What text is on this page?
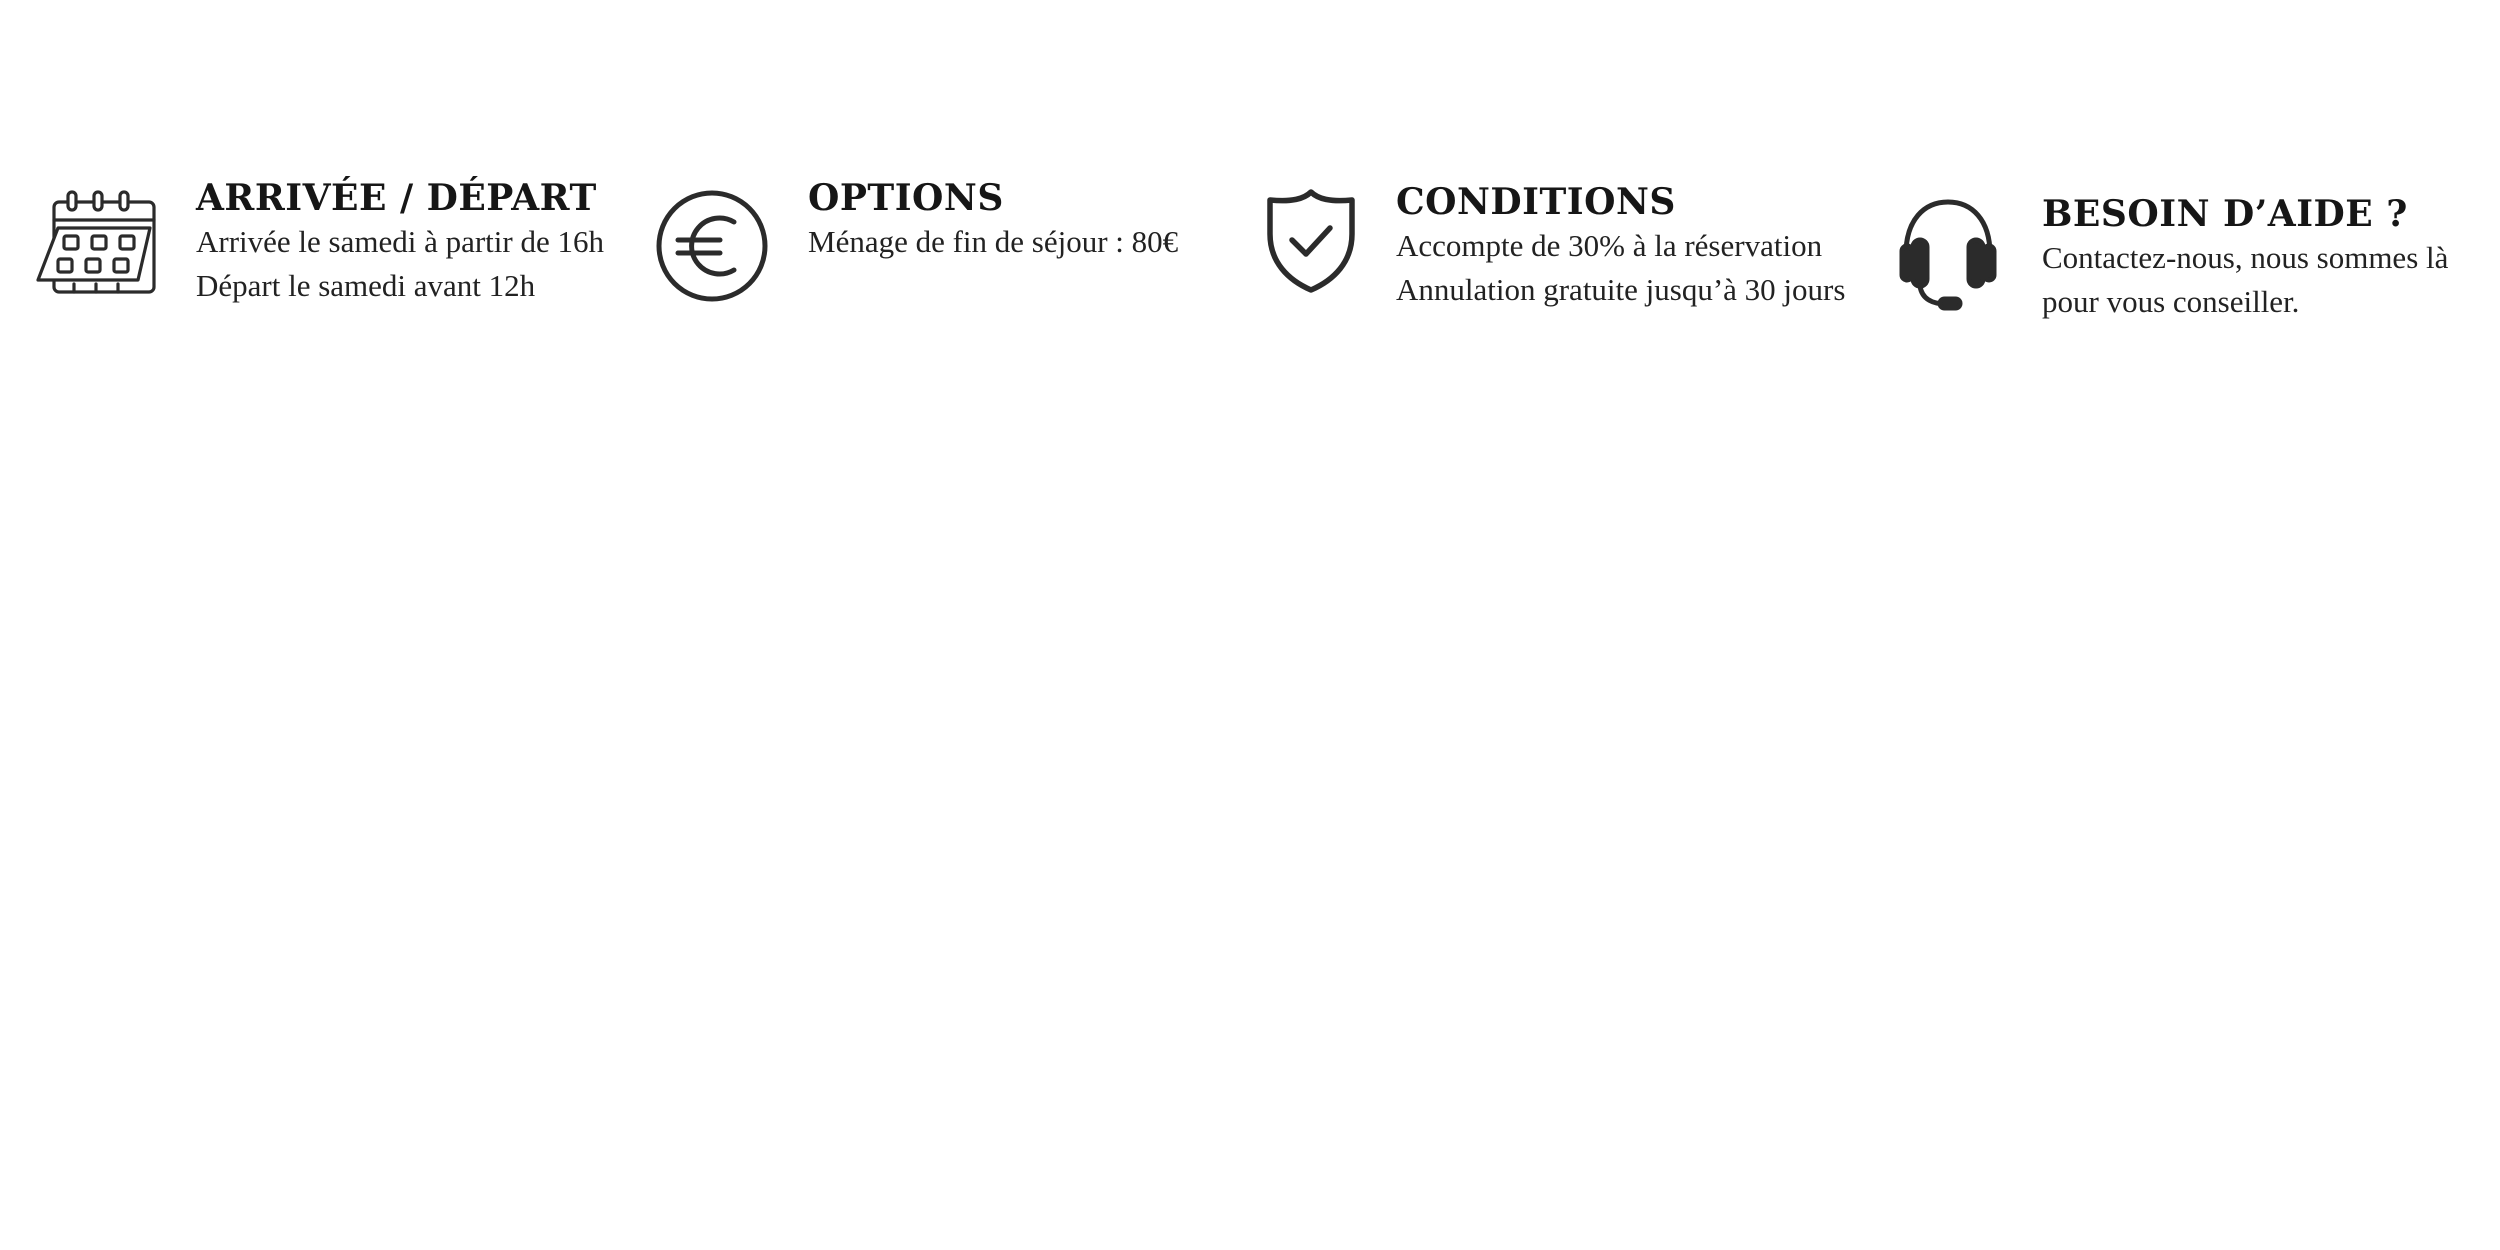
ARRIVÉE / DÉPART

Arrivée le samedi à partir de 16h

Départ le samedi avant 12h

OPTIONS

Ménage de fin de séjour : 80€

CONDITIONS

Accompte de 30% à la réservation

Annulation gratuite jusqu’à 30 jours

BESOIN D’AIDE ?

Contactez-nous, nous sommes là

pour vous conseiller.
